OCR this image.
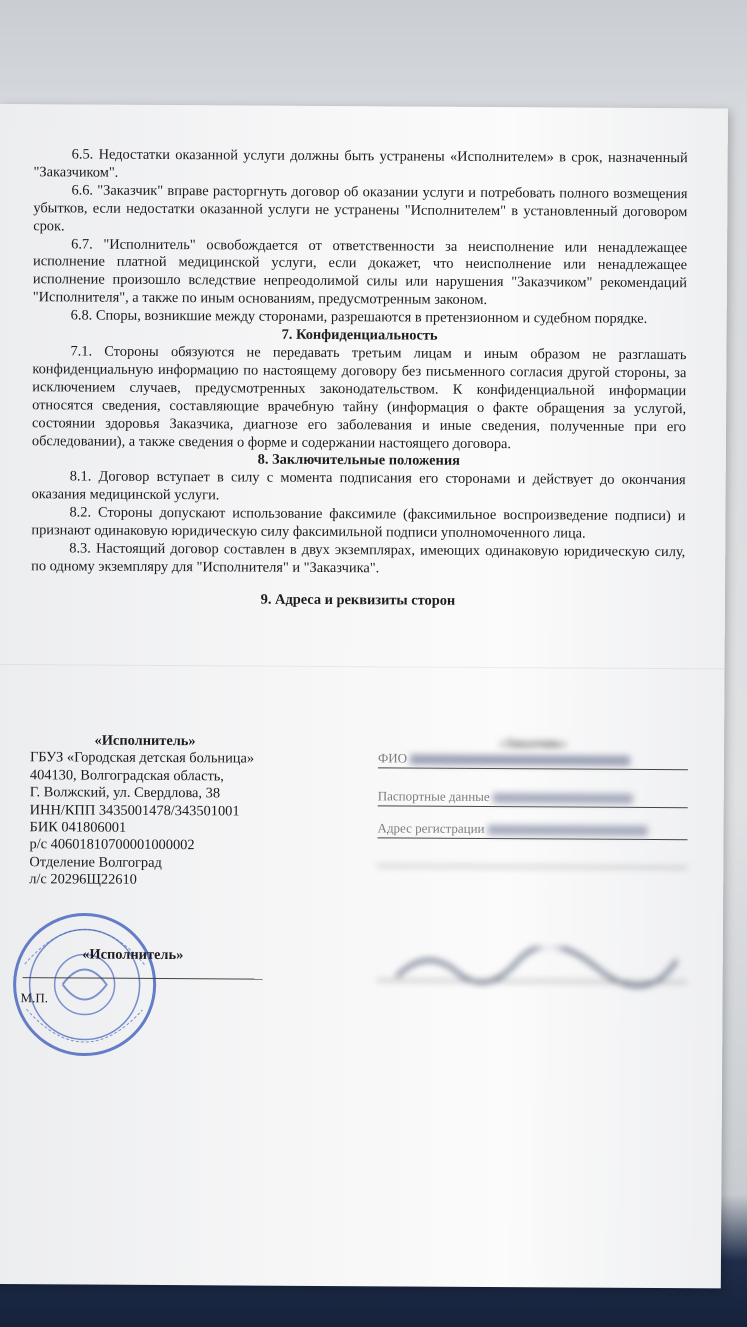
6.5. Недостатки оказанной услуги должны быть устранены «Исполнителем» в срок, назначенный "Заказчиком".

6.6. "Заказчик" вправе расторгнуть договор об оказании услуги и потребовать полного возмещения убытков, если недостатки оказанной услуги не устранены "Исполнителем" в установленный договором срок.

6.7. "Исполнитель" освобождается от ответственности за неисполнение или ненадлежащее исполнение платной медицинской услуги, если докажет, что неисполнение или ненадлежащее исполнение произошло вследствие непреодолимой силы или нарушения "Заказчиком" рекомендаций "Исполнителя", а также по иным основаниям, предусмотренным законом.

6.8. Споры, возникшие между сторонами, разрешаются в претензионном и судебном порядке.

7. Конфиденциальность

7.1. Стороны обязуются не передавать третьим лицам и иным образом не разглашать конфиденциальную информацию по настоящему договору без письменного согласия другой стороны, за исключением случаев, предусмотренных законодательством. К конфиденциальной информации относятся сведения, составляющие врачебную тайну (информация о факте обращения за услугой, состоянии здоровья Заказчика, диагнозе его заболевания и иные сведения, полученные при его обследовании), а также сведения о форме и содержании настоящего договора.

8. Заключительные положения

8.1. Договор вступает в силу с момента подписания его сторонами и действует до окончания оказания медицинской услуги.

8.2. Стороны допускают использование факсимиле (факсимильное воспроизведение подписи) и признают одинаковую юридическую силу факсимильной подписи уполномоченного лица.

8.3. Настоящий договор составлен в двух экземплярах, имеющих одинаковую юридическую силу, по одному экземпляру для "Исполнителя" и "Заказчика".

9. Адреса и реквизиты сторон

«Исполнитель»
ГБУЗ «Городская детская больница»
404130, Волгоградская область,
Г. Волжский, ул. Свердлова, 38
ИНН/КПП 3435001478/343501001
БИК 041806001
р/с 40601810700001000002
Отделение Волгоград
л/с 20296Щ22610
«Заказчик»
ФИО
Паспортные данные
Адрес регистрации
«Исполнитель»
М.П.
